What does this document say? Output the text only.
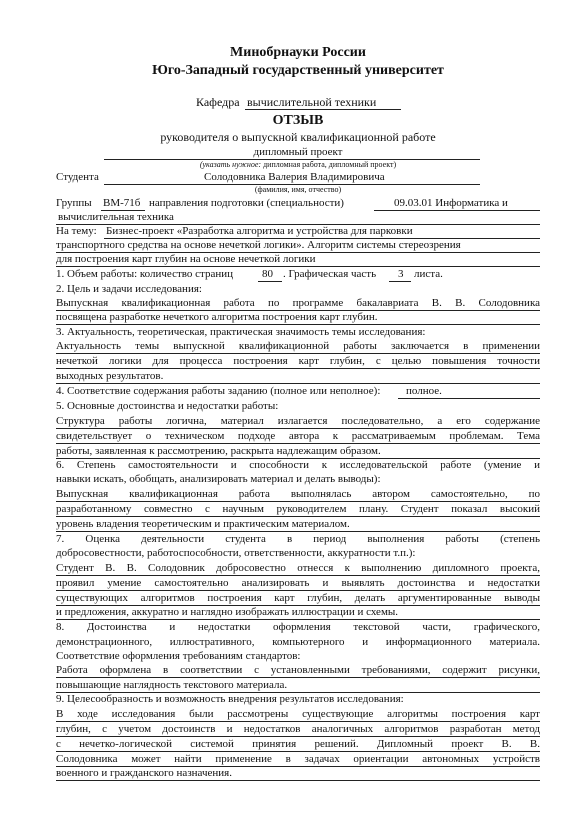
Минобрнауки России
Юго-Западный государственный университет
Кафедра вычислительной техники
ОТЗЫВ
руководителя о выпускной квалификационной работе
дипломный проект
(указать нужное: дипломная работа, дипломный проект)
Студента	Солодовника Валерия Владимировича
(фамилия, имя, отчество)
Группы ВМ-71б направления подготовки (специальности)	09.03.01 Информатика и
вычислительная техника
На тему: Бизнес-проект «Разработка алгоритма и устройства для парковки
транспортного средства на основе нечеткой логики». Алгоритм системы стереозрения
для построения карт глубин на основе нечеткой логики
1. Объем работы: количество страниц	80 . Графическая часть 3 листа.
2. Цель и задачи исследования:
Выпускная квалификационная работа по программе бакалавриата В. В. Солодовника
посвящена разработке нечеткого алгоритма построения карт глубин.
3. Актуальность, теоретическая, практическая значимость темы исследования:
Актуальность темы выпускной квалификационной работы заключается в применении
нечеткой логики для процесса построения карт глубин, с целью повышения точности
выходных результатов.
4. Соответствие содержания работы заданию (полное или неполное):	полное.
5. Основные достоинства и недостатки работы:
Структура работы логична, материал излагается последовательно, а его содержание
свидетельствует о техническом подходе автора к рассматриваемым проблемам. Тема
работы, заявленная к рассмотрению, раскрыта надлежащим образом.
6. Степень самостоятельности и способности к исследовательской работе (умение и
навыки искать, обобщать, анализировать материал и делать выводы):
Выпускная квалификационная работа выполнялась автором самостоятельно, по
разработанному совместно с научным руководителем плану. Студент показал высокий
уровень владения теоретическим и практическим материалом.
7. Оценка деятельности студента в период выполнения работы (степень
добросовестности, работоспособности, ответственности, аккуратности т.п.):
Студент В. В. Солодовник добросовестно отнесся к выполнению дипломного проекта,
проявил умение самостоятельно анализировать и выявлять достоинства и недостатки
существующих алгоритмов построения карт глубин, делать аргументированные выводы
и предложения, аккуратно и наглядно изображать иллюстрации и схемы.
8. Достоинства и недостатки оформления текстовой части, графического,
демонстрационного, иллюстративного, компьютерного и информационного материала.
Соответствие оформления требованиям стандартов:
Работа оформлена в соответствии с установленными требованиями, содержит рисунки,
повышающие наглядность текстового материала.
9. Целесообразность и возможность внедрения результатов исследования:
В ходе исследования были рассмотрены существующие алгоритмы построения карт
глубин, с учетом достоинств и недостатков аналогичных алгоритмов разработан метод
с нечетко-логической системой принятия решений. Дипломный проект В. В.
Солодовника может найти применение в задачах ориентации автономных устройств
военного и гражданского назначения.
